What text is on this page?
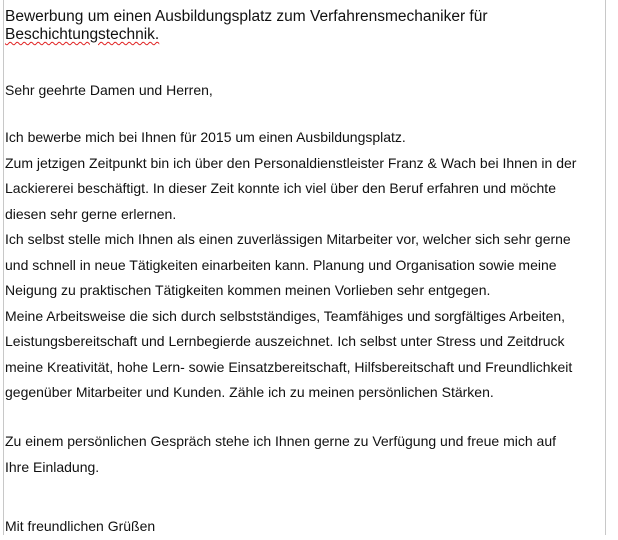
Bewerbung um einen Ausbildungsplatz zum Verfahrensmechaniker für
Beschichtungstechnik.
Sehr geehrte Damen und Herren,

Ich bewerbe mich bei Ihnen für 2015 um einen Ausbildungsplatz.

Zum jetzigen Zeitpunkt bin ich über den Personaldienstleister Franz & Wach bei Ihnen in der

Lackiererei beschäftigt. In dieser Zeit konnte ich viel über den Beruf erfahren und möchte

diesen sehr gerne erlernen.

Ich selbst stelle mich Ihnen als einen zuverlässigen Mitarbeiter vor, welcher sich sehr gerne

und schnell in neue Tätigkeiten einarbeiten kann. Planung und Organisation sowie meine

Neigung zu praktischen Tätigkeiten kommen meinen Vorlieben sehr entgegen.

Meine Arbeitsweise die sich durch selbstständiges, Teamfähiges und sorgfältiges Arbeiten,

Leistungsbereitschaft und Lernbegierde auszeichnet. Ich selbst unter Stress und Zeitdruck

meine Kreativität, hohe Lern- sowie Einsatzbereitschaft, Hilfsbereitschaft und Freundlichkeit

gegenüber Mitarbeiter und Kunden. Zähle ich zu meinen persönlichen Stärken.

Zu einem persönlichen Gespräch stehe ich Ihnen gerne zu Verfügung und freue mich auf

Ihre Einladung.

Mit freundlichen Grüßen
